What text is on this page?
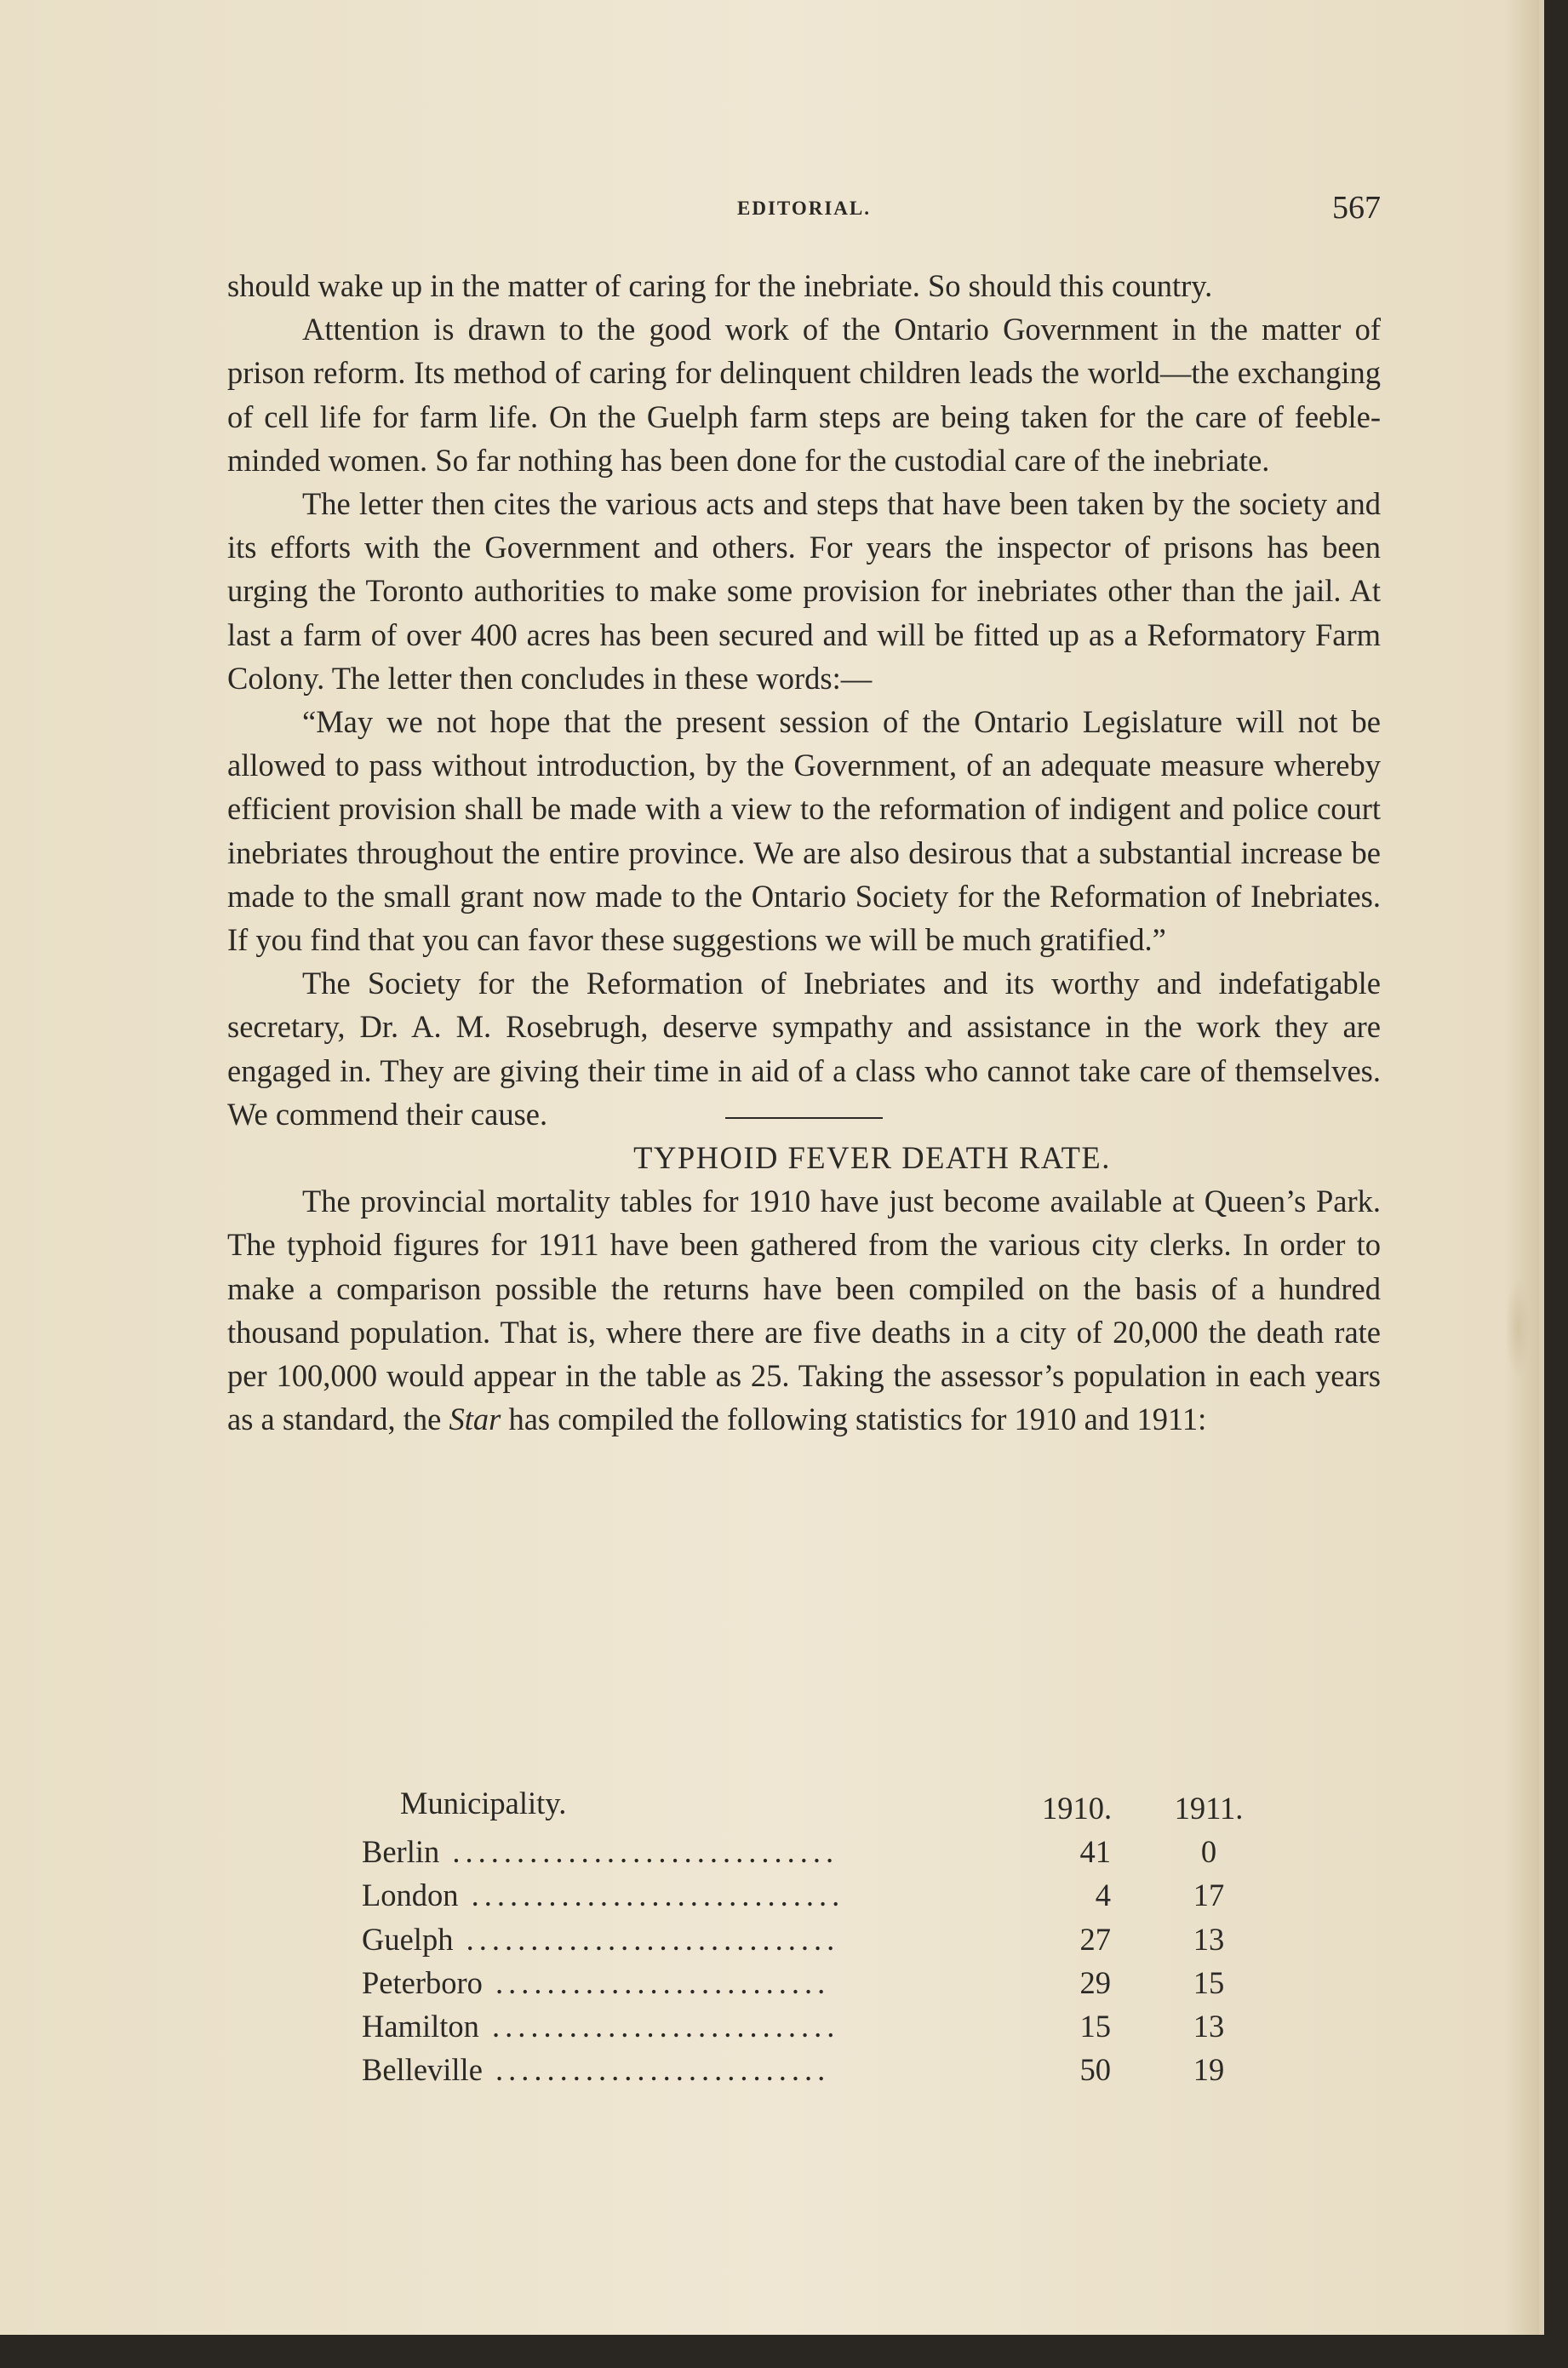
EDITORIAL.	567

should wake up in the matter of caring for the inebriate. So should this country.

Attention is drawn to the good work of the Ontario Government in the matter of prison reform. Its method of caring for delinquent children leads the world—the exchanging of cell life for farm life. On the Guelph farm steps are being taken for the care of feeble-minded women. So far nothing has been done for the custodial care of the inebriate.

The letter then cites the various acts and steps that have been taken by the society and its efforts with the Government and others. For years the inspector of prisons has been urging the Toronto authorities to make some provision for inebriates other than the jail. At last a farm of over 400 acres has been secured and will be fitted up as a Reformatory Farm Colony. The letter then concludes in these words:—

“May we not hope that the present session of the Ontario Legislature will not be allowed to pass without introduction, by the Government, of an adequate measure whereby efficient provision shall be made with a view to the reformation of indigent and police court inebriates throughout the entire province. We are also desirous that a substantial increase be made to the small grant now made to the Ontario Society for the Reformation of Inebriates. If you find that you can favor these suggestions we will be much gratified.”

The Society for the Reformation of Inebriates and its worthy and indefatigable secretary, Dr. A. M. Rosebrugh, deserve sympathy and assistance in the work they are engaged in. They are giving their time in aid of a class who cannot take care of themselves. We commend their cause.

TYPHOID FEVER DEATH RATE.

The provincial mortality tables for 1910 have just become available at Queen’s Park. The typhoid figures for 1911 have been gathered from the various city clerks. In order to make a comparison possible the returns have been compiled on the basis of a hundred thousand population. That is, where there are five deaths in a city of 20,000 the death rate per 100,000 would appear in the table as 25. Taking the assessor’s population in each years as a standard, the Star has compiled the following statistics for 1910 and 1911:

Municipality.	1910.	1911.
Berlin ..............................	41	0
London .............................	4	17
Guelph .............................	27	13
Peterboro ..........................	29	15
Hamilton ...........................	15	13
Belleville ..........................	50	19
